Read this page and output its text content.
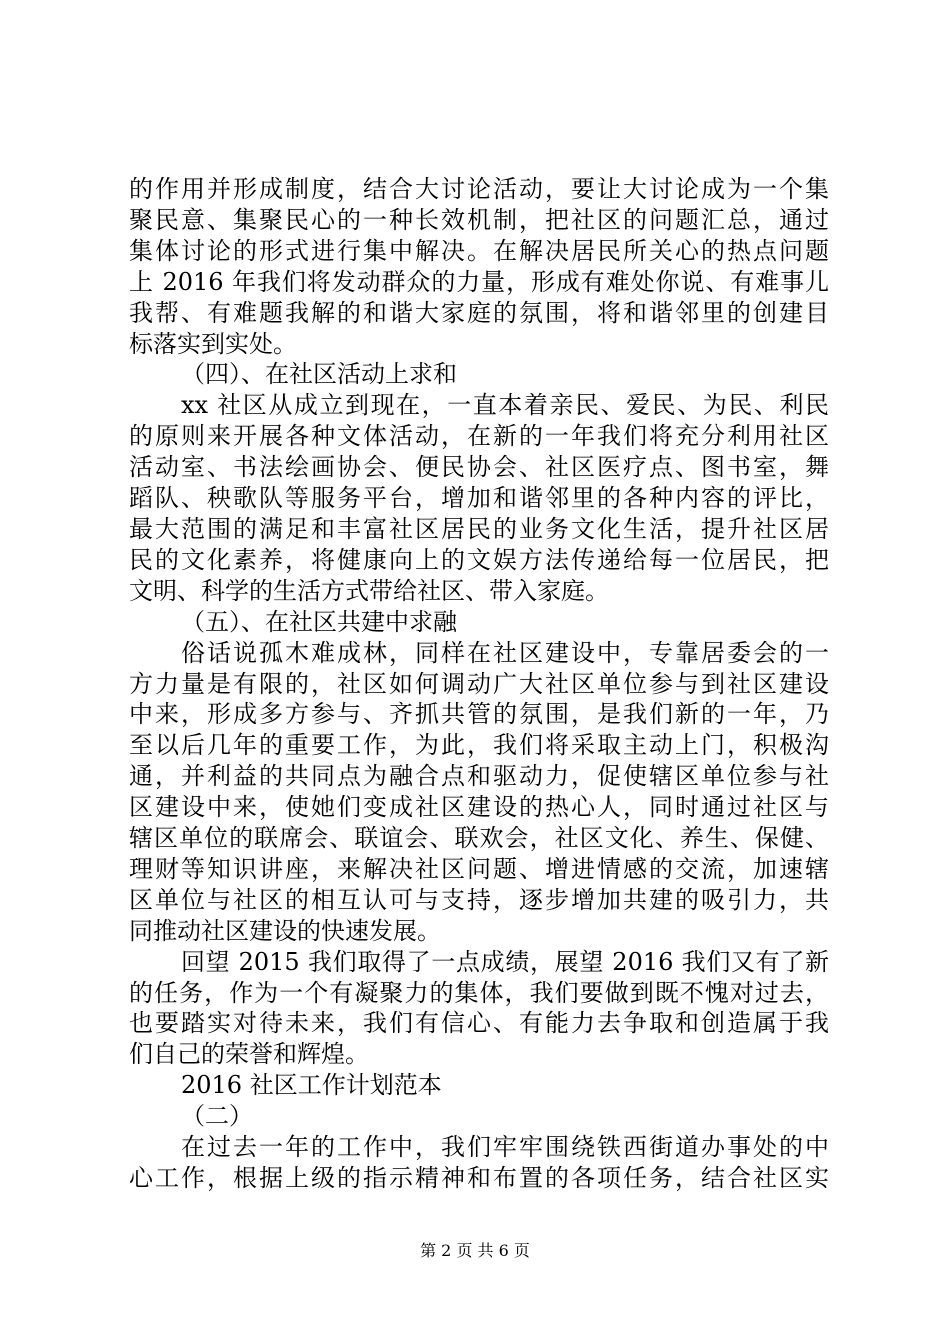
的作用并形成制度，结合大讨论活动，要让大讨论成为一个集
聚民意、集聚民心的一种长效机制，把社区的问题汇总，通过
集体讨论的形式进行集中解决。在解决居民所关心的热点问题
上 2016 年我们将发动群众的力量，形成有难处你说、有难事儿
我帮、有难题我解的和谐大家庭的氛围，将和谐邻里的创建目
标落实到实处。
（四）、在社区活动上求和
xx 社区从成立到现在，一直本着亲民、爱民、为民、利民
的原则来开展各种文体活动，在新的一年我们将充分利用社区
活动室、书法绘画协会、便民协会、社区医疗点、图书室，舞
蹈队、秧歌队等服务平台，增加和谐邻里的各种内容的评比，
最大范围的满足和丰富社区居民的业务文化生活，提升社区居
民的文化素养，将健康向上的文娱方法传递给每一位居民，把
文明、科学的生活方式带给社区、带入家庭。
（五）、在社区共建中求融
俗话说孤木难成林，同样在社区建设中，专靠居委会的一
方力量是有限的，社区如何调动广大社区单位参与到社区建设
中来，形成多方参与、齐抓共管的氛围，是我们新的一年，乃
至以后几年的重要工作，为此，我们将采取主动上门，积极沟
通，并利益的共同点为融合点和驱动力，促使辖区单位参与社
区建设中来，使她们变成社区建设的热心人，同时通过社区与
辖区单位的联席会、联谊会、联欢会，社区文化、养生、保健、
理财等知识讲座，来解决社区问题、增进情感的交流，加速辖
区单位与社区的相互认可与支持，逐步增加共建的吸引力，共
同推动社区建设的快速发展。
回望 2015 我们取得了一点成绩，展望 2016 我们又有了新
的任务，作为一个有凝聚力的集体，我们要做到既不愧对过去，
也要踏实对待未来，我们有信心、有能力去争取和创造属于我
们自己的荣誉和辉煌。
2016 社区工作计划范本
（二）
在过去一年的工作中，我们牢牢围绕铁西街道办事处的中
心工作，根据上级的指示精神和布置的各项任务，结合社区实
第 2 页 共 6 页
